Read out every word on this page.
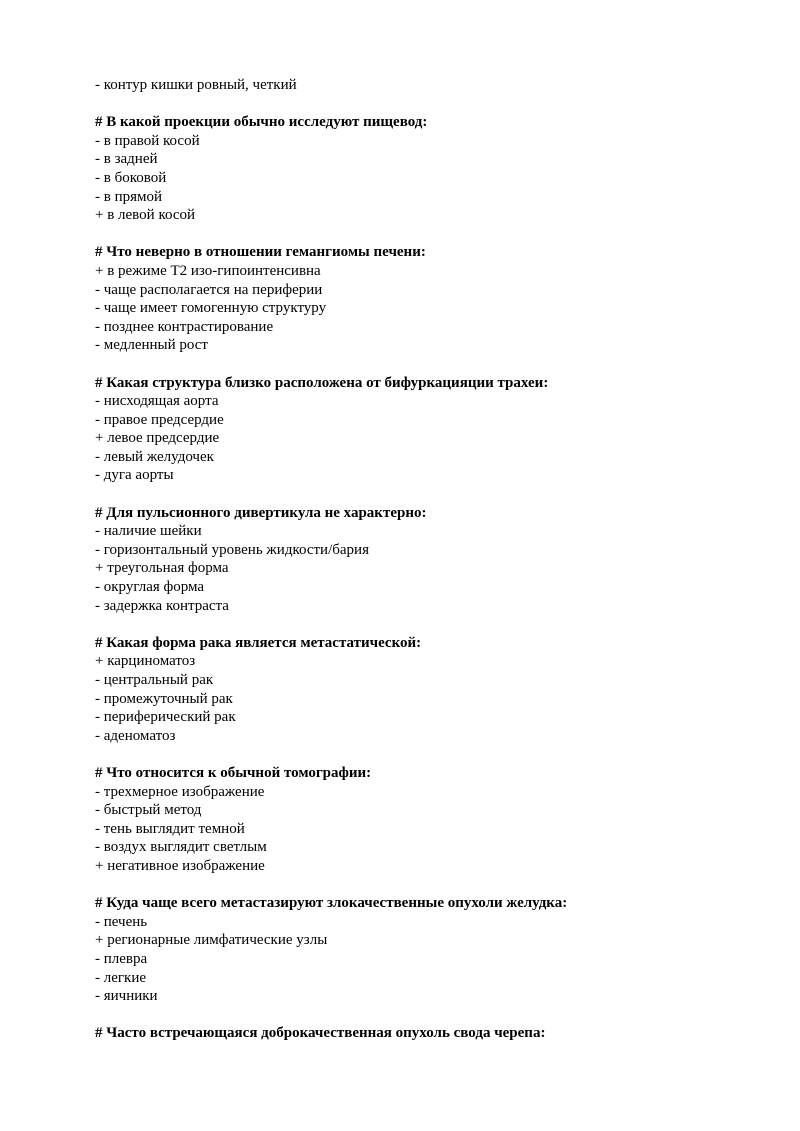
- контур кишки ровный, четкий
# В какой проекции обычно исследуют пищевод:
- в правой косой
- в задней
- в боковой
- в прямой
+ в левой косой
# Что неверно в отношении гемангиомы печени:
+ в режиме Т2 изо-гипоинтенсивна
- чаще располагается на периферии
- чаще имеет гомогенную структуру
- позднее контрастирование
- медленный рост
# Какая структура близко расположена от бифуркацияции трахеи:
- нисходящая аорта
- правое предсердие
+ левое предсердие
- левый желудочек
- дуга аорты
# Для пульсионного дивертикула не характерно:
- наличие шейки
- горизонтальный уровень жидкости/бария
+ треугольная форма
- округлая форма
- задержка контраста
# Какая форма рака является метастатической:
+ карциноматоз
- центральный рак
- промежуточный рак
- периферический рак
- аденоматоз
# Что относится к обычной томографии:
- трехмерное изображение
- быстрый метод
- тень выглядит темной
- воздух выглядит светлым
+ негативное изображение
# Куда чаще всего метастазируют злокачественные опухоли желудка:
- печень
+ регионарные лимфатические узлы
- плевра
- легкие
- яичники
# Часто встречающаяся доброкачественная опухоль свода черепа:
